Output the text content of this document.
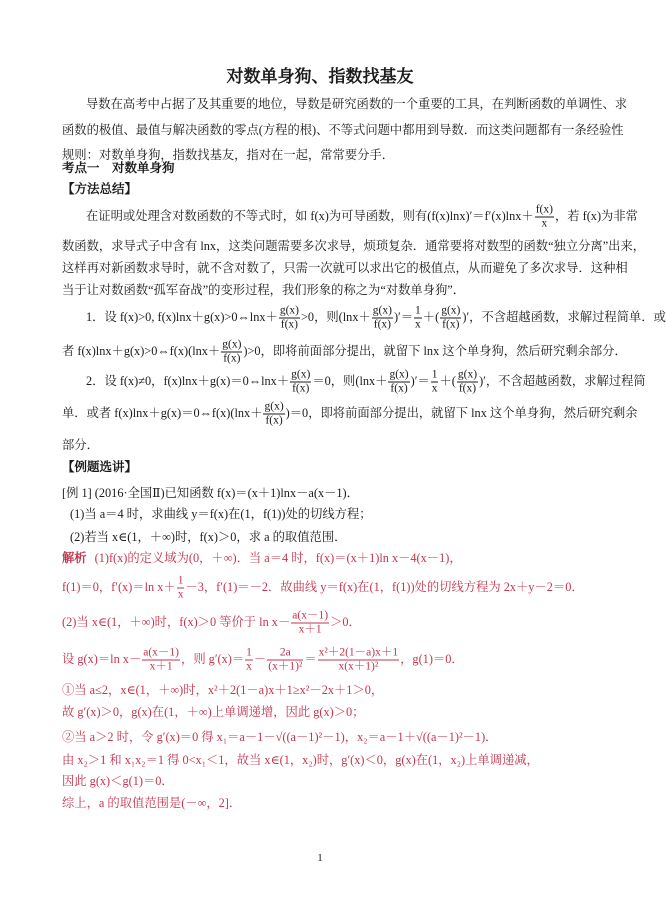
对数单身狗、指数找基友
导数在高考中占据了及其重要的地位，导数是研究函数的一个重要的工具，在判断函数的单调性、求
函数的极值、最值与解决函数的零点(方程的根)、不等式问题中都用到导数．而这类问题都有一条经验性
规则：对数单身狗，指数找基友，指对在一起，常常要分手．
考点一　对数单身狗
【方法总结】
在证明或处理含对数函数的不等式时，如 f(x)为可导函数，则有$(f(x)\ln x)'=f'(x)\ln x+ \frac{f(x)}{x}$ ，若 f(x)为非常
数函数，求导式子中含有 lnx，这类问题需要多次求导，烦琐复杂．通常要将对数型的函数“独立分离”出来，
这样再对新函数求导时，就不含对数了，只需一次就可以求出它的极值点，从而避免了多次求导．这种相
当于让对数函数“孤军奋战”的变形过程，我们形象的称之为“对数单身狗”．
1．设 f(x)>0, f(x)lnx＋g(x)>0⇔lnx＋ $\frac{g(x)}{f(x)} >0$，则($\ln x+ \frac{g(x)}{f(x)}$ )′＝ $\frac{1}{x}$ ＋( $\frac{g(x)}{f(x)}$ )′，不含超越函数，求解过程简单．或
者 f(x)lnx＋g(x)>0⇔f(x)(lnx＋ $\frac{g(x)}{f(x)} )>0$，即将前面部分提出，就留下 lnx 这个单身狗，然后研究剩余部分．
2．设 f(x)≠0，f(x)lnx＋g(x)＝0⇔lnx＋ $\frac{g(x)}{f(x)} =0$，则($\ln x+ \frac{g(x)}{f(x)}$ )′＝ $\frac{1}{x}$ ＋( $\frac{g(x)}{f(x)}$ )′，不含超越函数，求解过程简
单．或者 f(x)lnx＋g(x)＝0⇔f(x)(lnx＋ $\frac{g(x)}{f(x)} )=0$，即将前面部分提出，就留下 lnx 这个单身狗，然后研究剩余
部分．
【例题选讲】
[例 1] (2016·全国Ⅱ)已知函数 f(x)＝(x＋1)lnx－a(x－1)．
(1)当 a＝4 时，求曲线 y＝f(x)在(1，f(1))处的切线方程；
(2)若当 x∈(1，＋∞)时，f(x)＞0，求 a 的取值范围．
解析 (1)f(x)的定义域为(0，＋∞)．当 a＝4 时，f(x)＝(x＋1)ln x－4(x－1)，
f(1)＝0，f′(x)＝ln $x+ \frac{1}{x} -3$，f′(1)＝－2．故曲线 y＝f(x)在(1，f(1))处的切线方程为 2x＋y－2＝0．
(2)当 x∈(1，＋∞)时，f(x)＞0 等价于 $\ln x- \frac{a(x-1)}{x+1} >0$．
设 g(x)＝ln $x- \frac{a(x-1)}{x+1}$ ，则 $g'(x)= \frac{1}{x} - \frac{2a}{\text{(x＋1)²}} = \frac{\text{x²＋2(1－a)x＋1}}{\text{x(x＋1)²}}$ ，g(1)＝0．
①当 a≤2，x∈(1，＋∞)时，x²＋2(1－a)x＋1≥x²－2x＋1＞0，
故 g′(x)＞0，g(x)在(1，＋∞)上单调递增，因此 g(x)＞0；
②当 a＞2 时，令 g′(x)＝0 得 x₁＝a－1－√((a－1)²－1)，x₂＝a－1＋√((a－1)²－1)．
由 x₂＞1 和 x₁x₂＝1 得 0<x₁＜1，故当 x∈(1，x₂)时，g′(x)＜0，g(x)在(1，x₂)上单调递减，
因此 g(x)＜g(1)＝0．
综上，a 的取值范围是(－∞，2]．
1
